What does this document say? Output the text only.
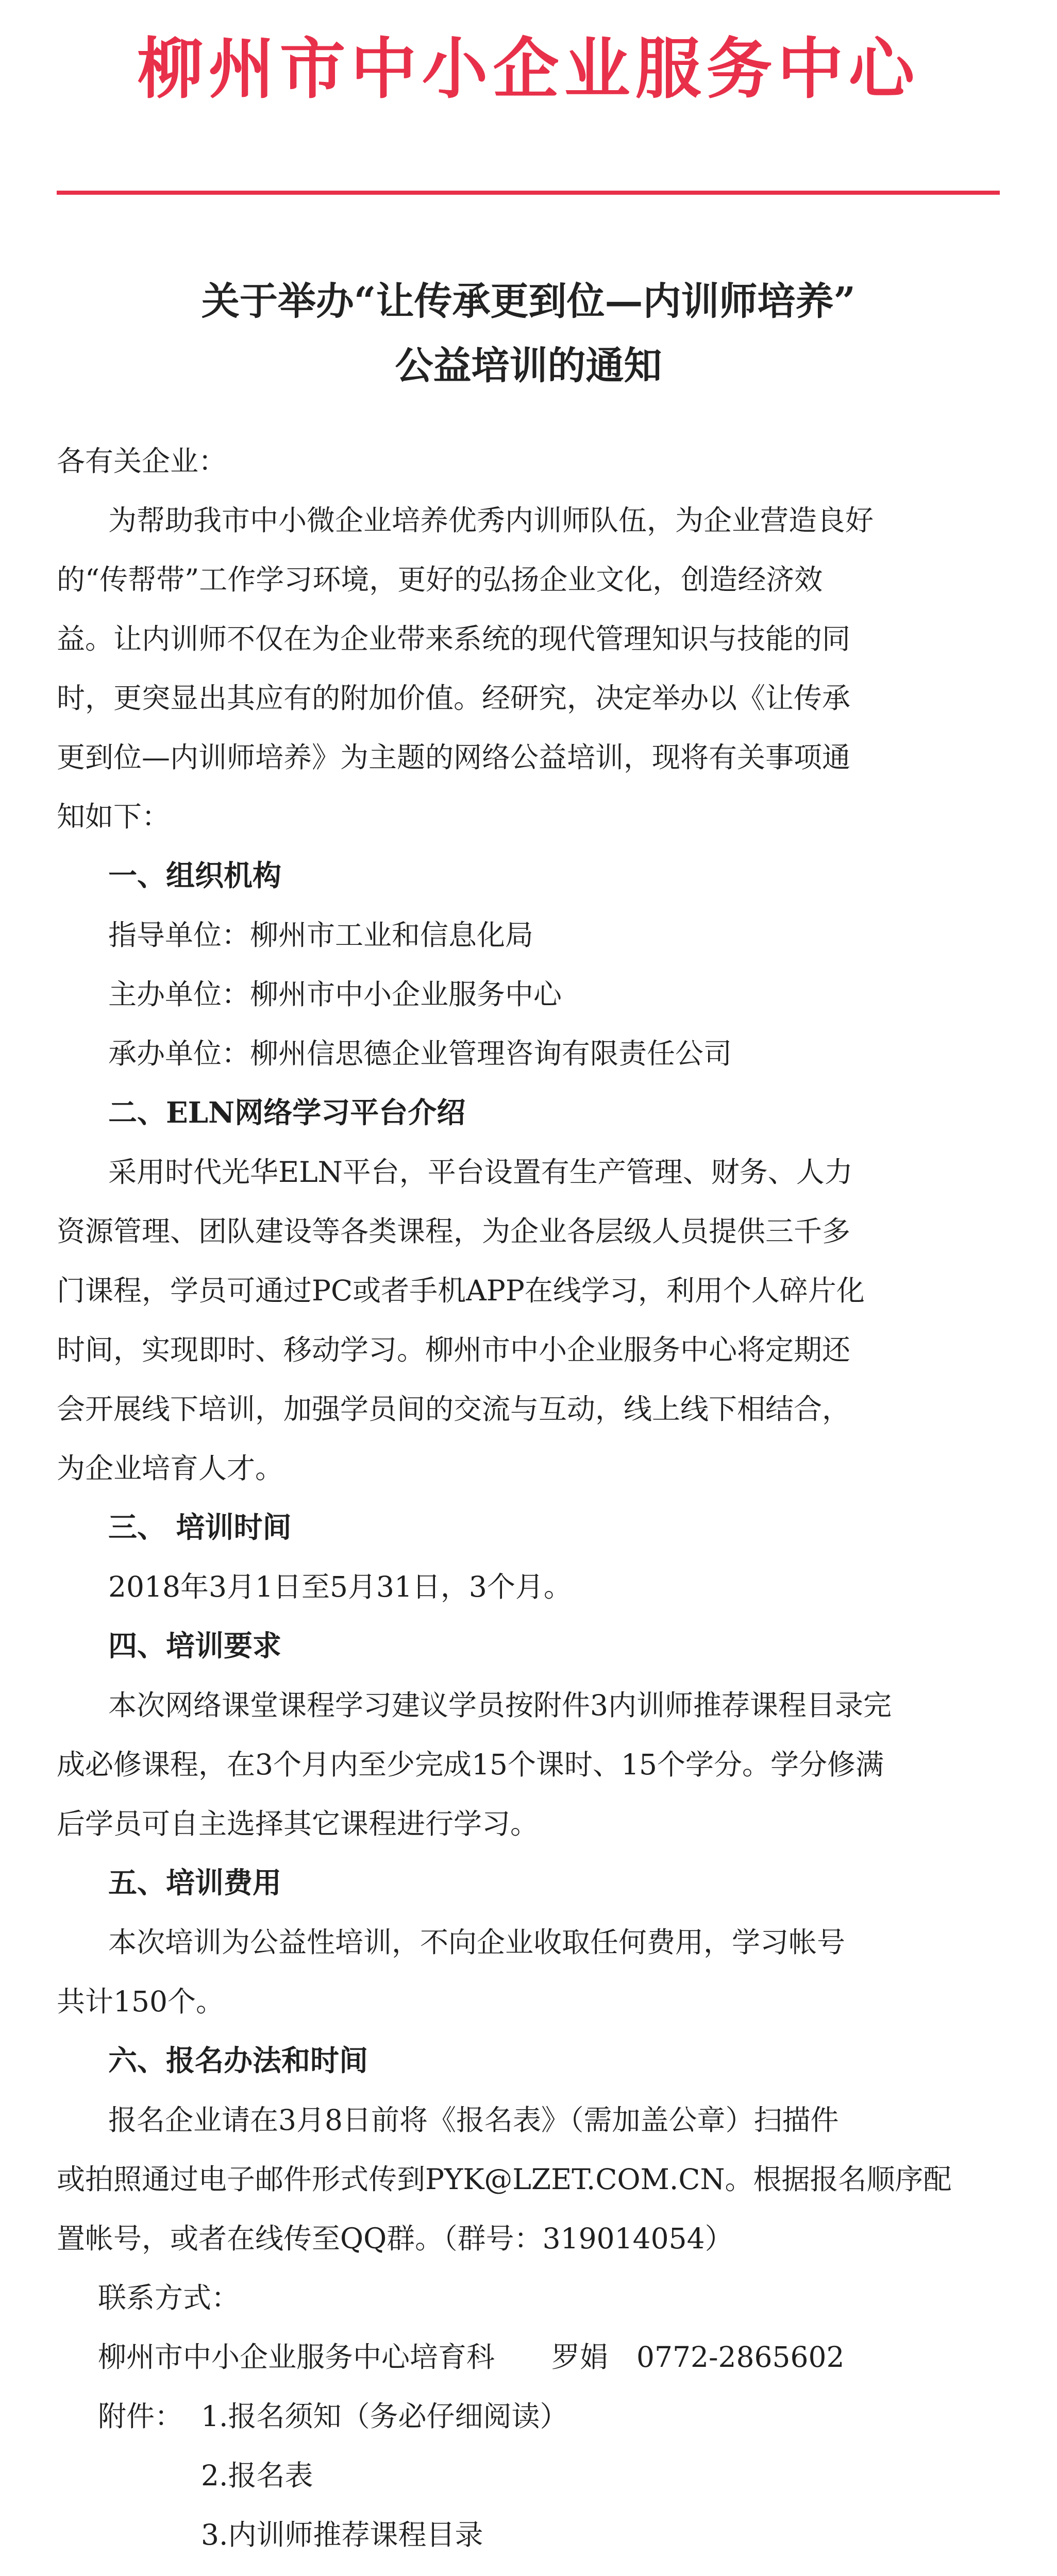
柳州市中小企业服务中心
关于举办“让传承更到位—内训师培养”
公益培训的通知
各有关企业：
为帮助我市中小微企业培养优秀内训师队伍，为企业营造良好
的“传帮带”工作学习环境，更好的弘扬企业文化，创造经济效
益。让内训师不仅在为企业带来系统的现代管理知识与技能的同
时，更突显出其应有的附加价值。经研究，决定举办以《让传承
更到位—内训师培养》为主题的网络公益培训，现将有关事项通
知如下：
一、组织机构
指导单位：柳州市工业和信息化局
主办单位：柳州市中小企业服务中心
承办单位：柳州信思德企业管理咨询有限责任公司
二、ELN网络学习平台介绍
采用时代光华ELN平台，平台设置有生产管理、财务、人力
资源管理、团队建设等各类课程，为企业各层级人员提供三千多
门课程，学员可通过PC或者手机APP在线学习，利用个人碎片化
时间，实现即时、移动学习。柳州市中小企业服务中心将定期还
会开展线下培训，加强学员间的交流与互动，线上线下相结合，
为企业培育人才。
三、 培训时间
2018年3月1日至5月31日，3个月。
四、培训要求
本次网络课堂课程学习建议学员按附件3内训师推荐课程目录完
成必修课程，在3个月内至少完成15个课时、15个学分。学分修满
后学员可自主选择其它课程进行学习。
五、培训费用
本次培训为公益性培训，不向企业收取任何费用，学习帐号
共计150个。
六、报名办法和时间
报名企业请在3月8日前将《报名表》（需加盖公章）扫描件
或拍照通过电子邮件形式传到PYK@LZET.COM.CN。根据报名顺序配
置帐号，或者在线传至QQ群。（群号：319014054）
联系方式：
柳州市中小企业服务中心培育科　　罗娟　0772-2865602
附件： 1.报名须知（务必仔细阅读）
2.报名表
3.内训师推荐课程目录
